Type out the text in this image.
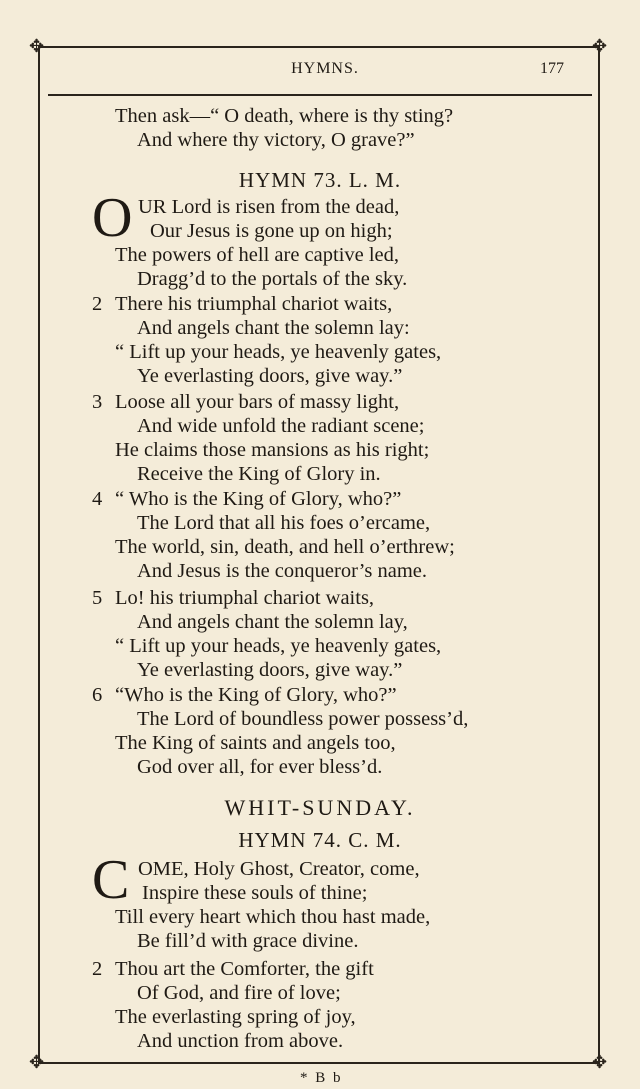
✥	✥
✥	✥
HYMNS.	177
Then ask—“ O death, where is thy sting?
And where thy victory, O grave?”
HYMN 73. L. M.
O UR Lord is risen from the dead,
Our Jesus is gone up on high;
The powers of hell are captive led,
Dragg’d to the portals of the sky.
2 There his triumphal chariot waits,
And angels chant the solemn lay:
“ Lift up your heads, ye heavenly gates,
Ye everlasting doors, give way.”
3 Loose all your bars of massy light,
And wide unfold the radiant scene;
He claims those mansions as his right;
Receive the King of Glory in.
4 “ Who is the King of Glory, who?”
The Lord that all his foes o’ercame,
The world, sin, death, and hell o’erthrew;
And Jesus is the conqueror’s name.
5 Lo! his triumphal chariot waits,
And angels chant the solemn lay,
“ Lift up your heads, ye heavenly gates,
Ye everlasting doors, give way.”
6 “Who is the King of Glory, who?”
The Lord of boundless power possess’d,
The King of saints and angels too,
God over all, for ever bless’d.
WHIT-SUNDAY.
HYMN 74. C. M.
C OME, Holy Ghost, Creator, come,
Inspire these souls of thine;
Till every heart which thou hast made,
Be fill’d with grace divine.
2 Thou art the Comforter, the gift
Of God, and fire of love;
The everlasting spring of joy,
And unction from above.
* B b
